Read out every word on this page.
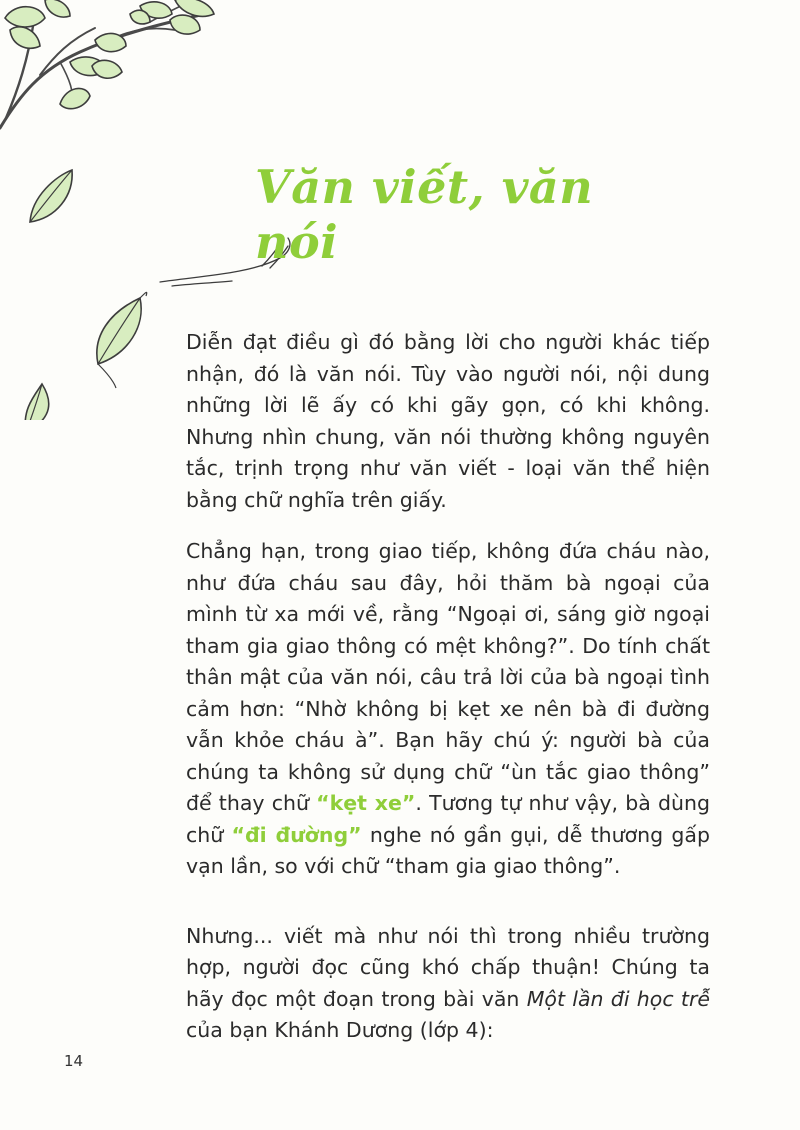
Văn viết, văn nói

Diễn đạt điều gì đó bằng lời cho người khác tiếp nhận, đó là văn nói. Tùy vào người nói, nội dung những lời lẽ ấy có khi gãy gọn, có khi không. Nhưng nhìn chung, văn nói thường không nguyên tắc, trịnh trọng như văn viết - loại văn thể hiện bằng chữ nghĩa trên giấy.

Chẳng hạn, trong giao tiếp, không đứa cháu nào, như đứa cháu sau đây, hỏi thăm bà ngoại của mình từ xa mới về, rằng “Ngoại ơi, sáng giờ ngoại tham gia giao thông có mệt không?”. Do tính chất thân mật của văn nói, câu trả lời của bà ngoại tình cảm hơn: “Nhờ không bị kẹt xe nên bà đi đường vẫn khỏe cháu à”. Bạn hãy chú ý: người bà của chúng ta không sử dụng chữ “ùn tắc giao thông” để thay chữ “kẹt xe”. Tương tự như vậy, bà dùng chữ “đi đường” nghe nó gần gụi, dễ thương gấp vạn lần, so với chữ “tham gia giao thông”.

Nhưng... viết mà như nói thì trong nhiều trường hợp, người đọc cũng khó chấp thuận! Chúng ta hãy đọc một đoạn trong bài văn Một lần đi học trễ của bạn Khánh Dương (lớp 4):

14
